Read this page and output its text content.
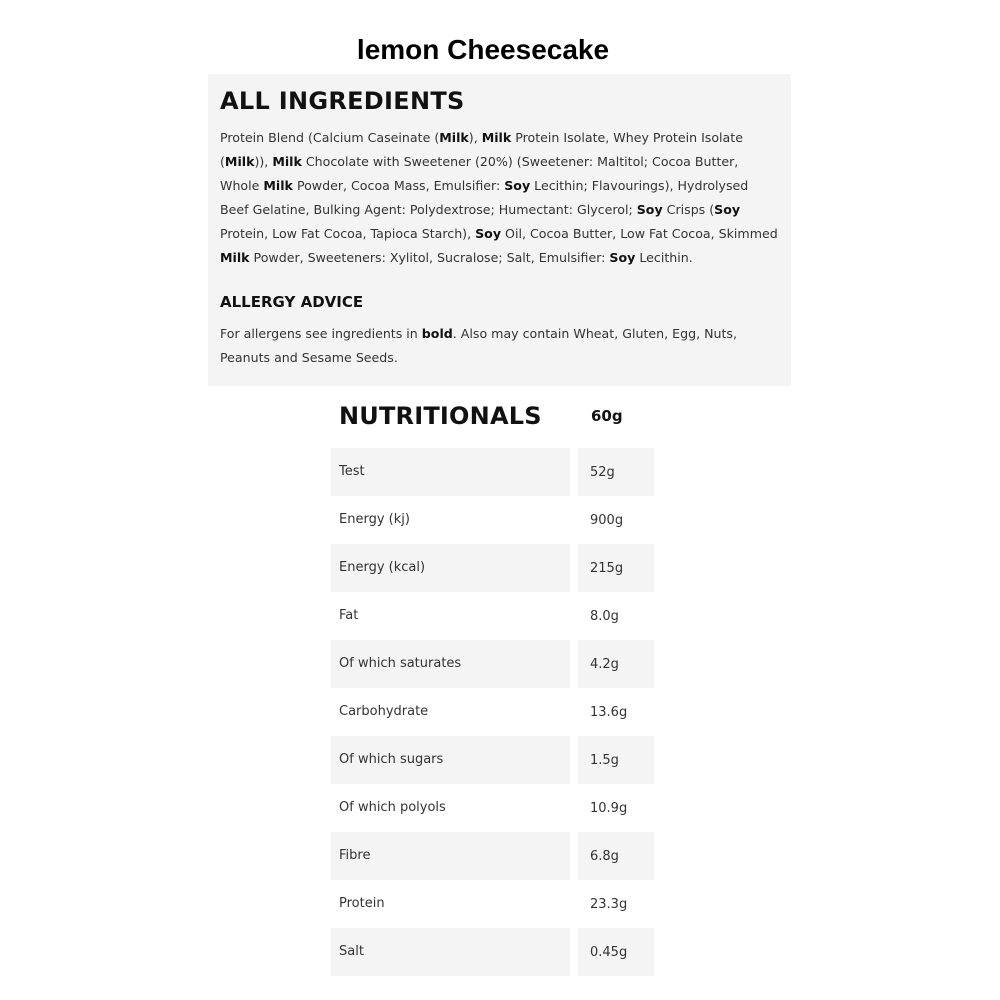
lemon Cheesecake
ALL INGREDIENTS
Protein Blend (Calcium Caseinate (Milk), Milk Protein Isolate, Whey Protein Isolate (Milk)), Milk Chocolate with Sweetener (20%) (Sweetener: Maltitol; Cocoa Butter, Whole Milk Powder, Cocoa Mass, Emulsifier: Soy Lecithin; Flavourings), Hydrolysed Beef Gelatine, Bulking Agent: Polydextrose; Humectant: Glycerol; Soy Crisps (Soy Protein, Low Fat Cocoa, Tapioca Starch), Soy Oil, Cocoa Butter, Low Fat Cocoa, Skimmed Milk Powder, Sweeteners: Xylitol, Sucralose; Salt, Emulsifier: Soy Lecithin.
ALLERGY ADVICE
For allergens see ingredients in bold. Also may contain Wheat, Gluten, Egg, Nuts, Peanuts and Sesame Seeds.
NUTRITIONALS	60g
Test	52g
Energy (kj)	900g
Energy (kcal)	215g
Fat	8.0g
Of which saturates	4.2g
Carbohydrate	13.6g
Of which sugars	1.5g
Of which polyols	10.9g
Fibre	6.8g
Protein	23.3g
Salt	0.45g
